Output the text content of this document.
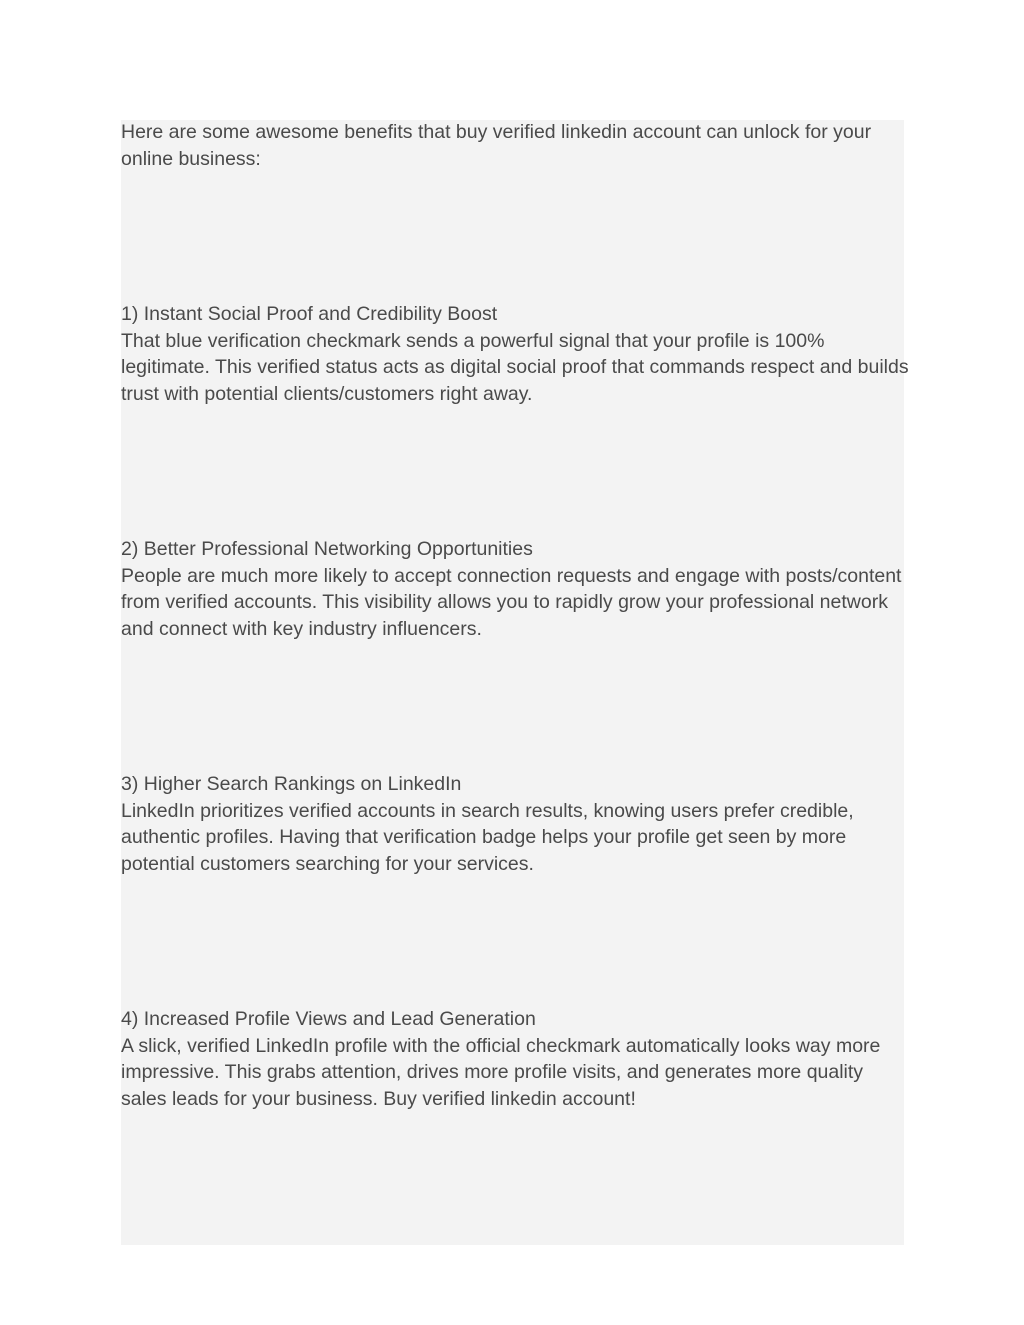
Here are some awesome benefits that buy verified linkedin account can unlock for your online business:

1) Instant Social Proof and Credibility Boost
That blue verification checkmark sends a powerful signal that your profile is 100% legitimate. This verified status acts as digital social proof that commands respect and builds trust with potential clients/customers right away.
2) Better Professional Networking Opportunities
People are much more likely to accept connection requests and engage with posts/content from verified accounts. This visibility allows you to rapidly grow your professional network and connect with key industry influencers.
3) Higher Search Rankings on LinkedIn
LinkedIn prioritizes verified accounts in search results, knowing users prefer credible, authentic profiles. Having that verification badge helps your profile get seen by more potential customers searching for your services.
4) Increased Profile Views and Lead Generation
A slick, verified LinkedIn profile with the official checkmark automatically looks way more impressive. This grabs attention, drives more profile visits, and generates more quality sales leads for your business. Buy verified linkedin account!
